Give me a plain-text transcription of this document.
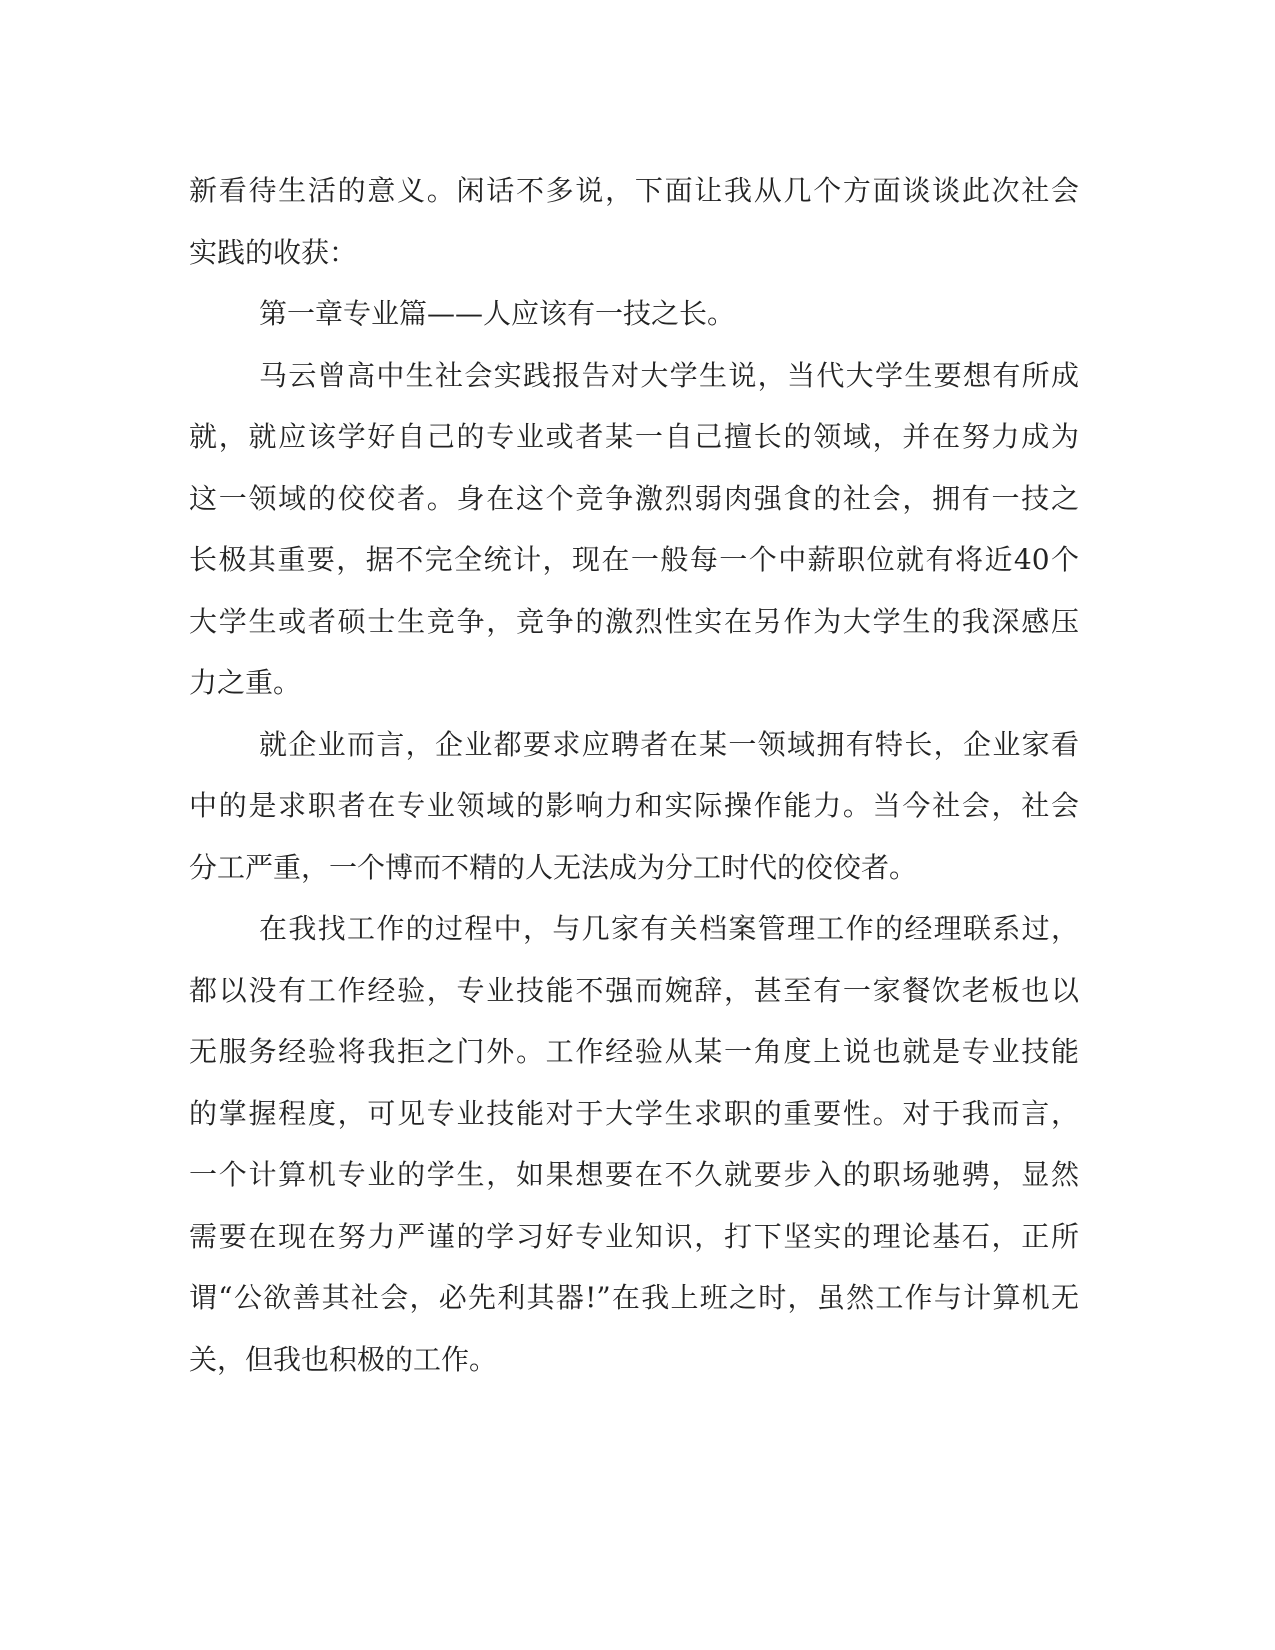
新看待生活的意义。闲话不多说，下面让我从几个方面谈谈此次社会
实践的收获：
第一章专业篇——人应该有一技之长。
马云曾高中生社会实践报告对大学生说，当代大学生要想有所成
就，就应该学好自己的专业或者某一自己擅长的领域，并在努力成为
这一领域的佼佼者。身在这个竞争激烈弱肉强食的社会，拥有一技之
长极其重要，据不完全统计，现在一般每一个中薪职位就有将近40个
大学生或者硕士生竞争，竞争的激烈性实在另作为大学生的我深感压
力之重。
就企业而言，企业都要求应聘者在某一领域拥有特长，企业家看
中的是求职者在专业领域的影响力和实际操作能力。当今社会，社会
分工严重，一个博而不精的人无法成为分工时代的佼佼者。
在我找工作的过程中，与几家有关档案管理工作的经理联系过，
都以没有工作经验，专业技能不强而婉辞，甚至有一家餐饮老板也以
无服务经验将我拒之门外。工作经验从某一角度上说也就是专业技能
的掌握程度，可见专业技能对于大学生求职的重要性。对于我而言，
一个计算机专业的学生，如果想要在不久就要步入的职场驰骋，显然
需要在现在努力严谨的学习好专业知识，打下坚实的理论基石，正所
谓“公欲善其社会，必先利其器!”在我上班之时，虽然工作与计算机无
关，但我也积极的工作。
